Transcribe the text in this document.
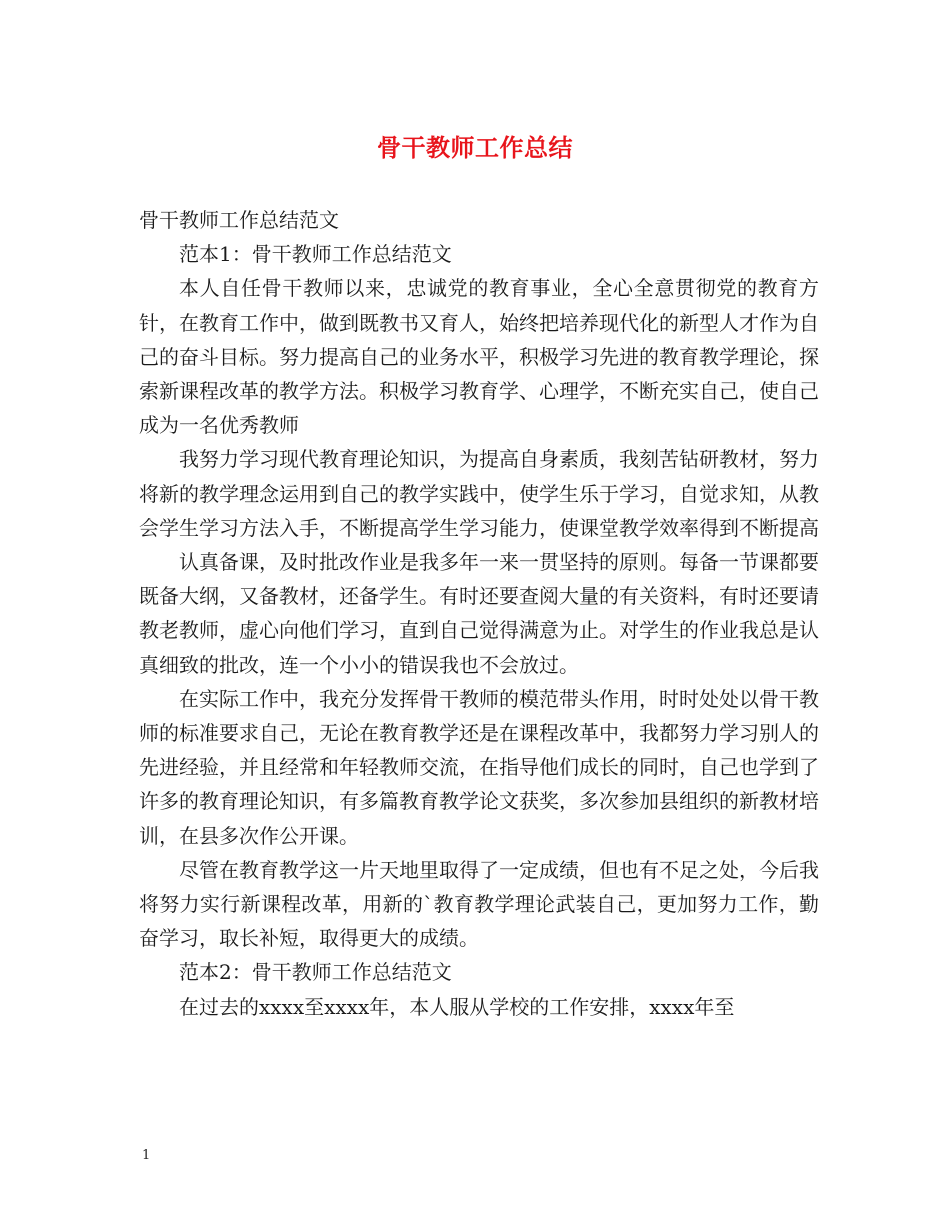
骨干教师工作总结

骨干教师工作总结范文

范本1：骨干教师工作总结范文

本人自任骨干教师以来，忠诚党的教育事业，全心全意贯彻党的教育方针，在教育工作中，做到既教书又育人，始终把培养现代化的新型人才作为自己的奋斗目标。努力提高自己的业务水平，积极学习先进的教育教学理论，探索新课程改革的教学方法。积极学习教育学、心理学，不断充实自己，使自己成为一名优秀教师

我努力学习现代教育理论知识，为提高自身素质，我刻苦钻研教材，努力将新的教学理念运用到自己的教学实践中，使学生乐于学习，自觉求知，从教会学生学习方法入手，不断提高学生学习能力，使课堂教学效率得到不断提高

认真备课，及时批改作业是我多年一来一贯坚持的原则。每备一节课都要既备大纲，又备教材，还备学生。有时还要查阅大量的有关资料，有时还要请教老教师，虚心向他们学习，直到自己觉得满意为止。对学生的作业我总是认真细致的批改，连一个小小的错误我也不会放过。

在实际工作中，我充分发挥骨干教师的模范带头作用，时时处处以骨干教师的标准要求自己，无论在教育教学还是在课程改革中，我都努力学习别人的先进经验，并且经常和年轻教师交流，在指导他们成长的同时，自己也学到了许多的教育理论知识，有多篇教育教学论文获奖，多次参加县组织的新教材培训，在县多次作公开课。

尽管在教育教学这一片天地里取得了一定成绩，但也有不足之处，今后我将努力实行新课程改革，用新的`教育教学理论武装自己，更加努力工作，勤奋学习，取长补短，取得更大的成绩。

范本2：骨干教师工作总结范文

在过去的xxxx至xxxx年，本人服从学校的工作安排，xxxx年至

1
